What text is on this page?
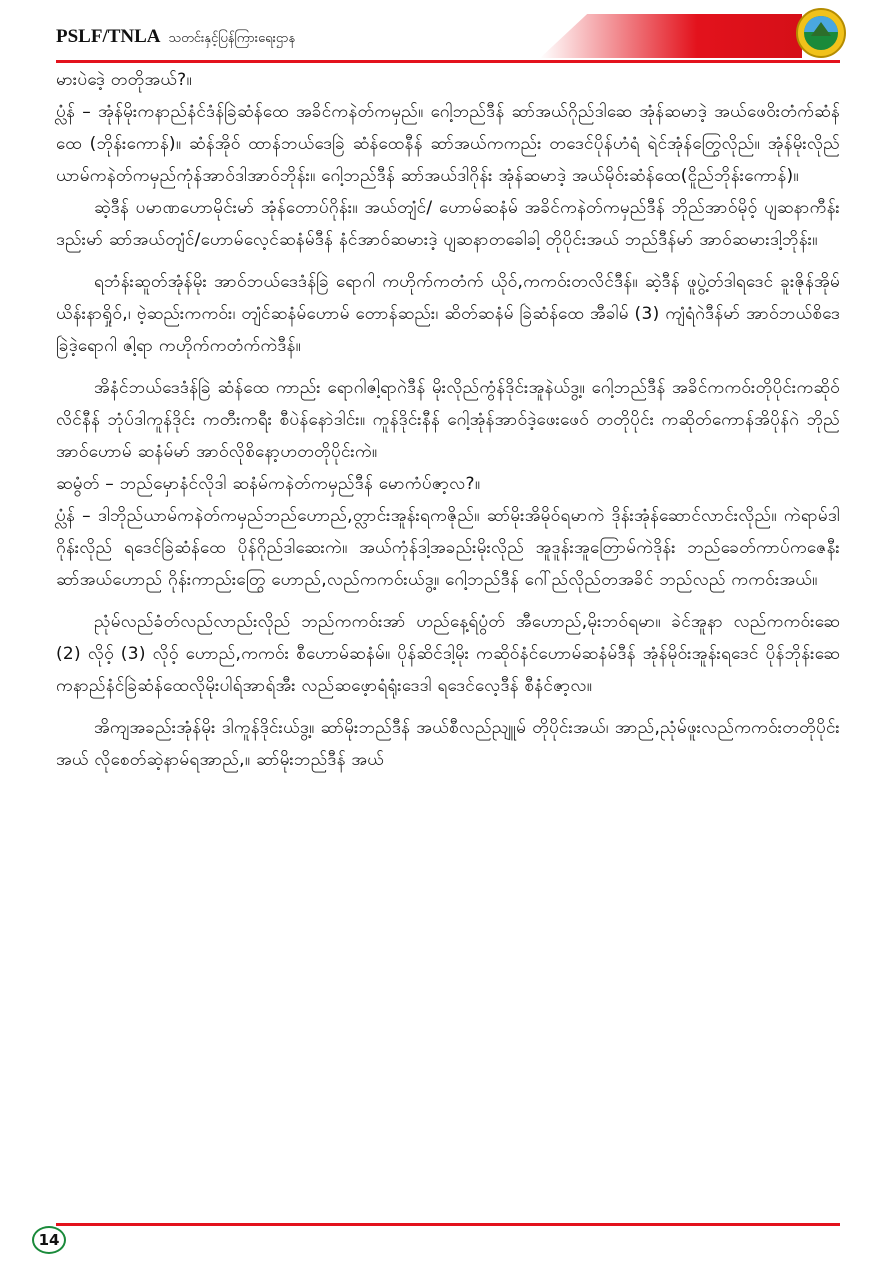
PSLF/TNLA သတင်းနှင့်ပြန်ကြားရေးဌာန

မားပဲဒေဲ့ တတိုအယ်?။

ပ္လံန် – အုံန်မိုးကနာည်နံင်ဒံန်ခြဲဆံန်ထေ အခိင်ကနဲတ်ကမှည်။ ဂေါ့ဘည်ဒီန် ဆာ်အယ်ဂိုည်ဒါဆေ အုံန်ဆမာဒဲ့ အယ်ဖေ၀ိးတံက်ဆံန်ထေ (ဘိုန်းကောန်)။ ဆံန်အိုဝ် ထာန်ဘယ်ဒေခြဲ ဆံန်ထေနီန် ဆာ်အယ်ကကည်း တဒေင်ပိုန်ဟံရံ ရဲင်အုံန်တြွေလိုည်။ အုံန်မိုးလိုည် ယာမ်ကနဲတ်ကမှည်ကုံန်အာဝ်ဒါအာဝ်ဘိုန်း။ ဂေါ့ဘည်ဒီန် ဆာ်အယ်ဒါဂိုန်း အုံန်ဆမာဒဲ့ အယ်မိုဝ်းဆံန်ထေ(ငိူည်ဘိုန်းကောန်)။

ဆဲ့ဒီန် ပမာဏဟောမိုင်းမာ် အုံန်တောပ်ဂိုန်း။ အယ်တျံင်/ ဟောမ်ဆနံမ် အခိင်ကနဲတ်ကမှည်ဒီန် ဘိုည်အာဝ်မိုဝ့် ပျဆနာကီန်းဒည်းမာ် ဆာ်အယ်တျံင်/ဟောမ်လေ့င်ဆနံမ်ဒီန် နံင်အာဝ်ဆမားဒဲ့ ပျဆနာတခေါခါ့ တိုပိုင်းအယ် ဘည်ဒီန်မာ် အာဝ်ဆမားဒါ့ဘိုန်း။

ရဘံန်းဆူတ်အုံန်မိုး အာဝ်ဘယ်ဒေဒံန်ခြဲ ရောဂါ ကဟိုက်ကတံက် ယိုဝ်,ကကဝ်းတလိင်ဒီန်။ ဆဲ့ဒီန် ဖူပွဲ့တ်ဒါရဒေင် ခူးဇိုန်အိုမ်ယိန်းနာရှိုဝ်,၊ ဗဲ့ဆည်းကကဝ်း၊ တျံင်ဆနံမ်ဟောမ် တောန်ဆည်း၊ ဆိတ်ဆနံမ် ခြဲဆံန်ထေ အီခါမ် (3) ကျံရံဂဲဒီန်မာ် အာဝ်ဘယ်စိဒေခြဲဒဲ့ရောဂါ ဇါ့ရာ ကဟိုက်ကတံက်ကဲဒီန်။

အိနံင်ဘယ်ဒေဒံန်ခြဲ ဆံန်ထေ ကာည်း ရောဂါဇါ့ရာဂဲဒီန် မိုးလိုည်ကွံန်ဒိုင်းအူနဲယ်ဒွ့။ ဂေါ့ဘည်ဒီန် အခိင်ကကဝ်းတိုပိုင်းကဆိုဝ်လိင်နီန် ဘုံပ်ဒါကူန်ဒိုင်း ကတီးကရီး စီပဲန်နောဲဒါင်း။ ကူန်ဒိုင်းနီန် ဂေါ့အုံန်အာဝ်ဒဲ့ဖေးဖေဝ် တတိုပိုင်း ကဆိုတ်ကောန်အိပိုန်ဂဲ ဘိုည်အာဝ်ဟောမ် ဆနံမ်မာ် အာဝ်လိုစိနော့ဟတတိုပိုင်းကဲ။

ဆမွံတ် – ဘည်မှောနံင်လိုဒါ ဆနံမ်ကနဲတ်ကမှည်ဒီန် မောကံပ်ဇာ့လ?။

ပ္လံန် – ဒါဘိုည်ယာမ်ကနဲတ်ကမှည်ဘည်ဟောည်,တ္လာင်းအူန်းရကဇိုည်။ ဆာ်မိုးအိမိုဝ်ရမာကဲ ဒိုန်းအုံန်ဆောင်လာင်းလိုည်။ ကဲရာမ်ဒါဂိုန်းလိုည် ရဒေင်ခြဲဆံန်ထေ ပိုန်ဂိုည်ဒါဆေးကဲ။ အယ်ကုံန်ဒါ့အခည်းမိုးလိုည် အူဒူန်းအူတြောမ်ကဲဒိုန်း ဘည်ခေတ်ကာပ်ကဇေနီး ဆာ်အယ်ဟောည် ဂိုန်းကာည်းတြွေ ဟောည်,လည်ကကဝ်းယ်ဒွ့။ ဂေါ့ဘည်ဒီန် ဂေါ်ည်လိုည်တအခိင် ဘည်လည် ကကဝ်းအယ်။

ညုံမ်လည်ခံတ်လည်လာည်းလိုည် ဘည်ကကဝ်းအာ် ဟည်နေ့ရ်ပွံတ် အီဟောည်,မိုးဘဝ်ရမာ။ ခဲင်အူနာ လည်ကကဝ်းဆေ (2) လိုဝ့် (3) လိုဝ့် ဟောည်,ကကဝ်း စီဟောမ်ဆနံမ်။ ပိုန်ဆိင်ဒါ့မိုး ကဆိုဝ်နံင်ဟောမ်ဆနံမ်ဒီန် အုံန်မိုဝ်းအူန်းရဒေင် ပိုန်ဘိုန်းဆေ ကနာည်နံင်ခြဲဆံန်ထေလိုမိုးပါရ်အာရ်အီး လည်ဆဖေ့ာရံရုံးဒေဒါ ရဒေင်လေ့ဒီန် စီနံင်ဇာ့လ။

အိကျအခည်းအုံန်မိုး ဒါကူန်ဒိုင်းယ်ဒွ့။ ဆာ်မိုးဘည်ဒီန် အယ်စီလည်ညျူမ် တိုပိုင်းအယ်၊ အာည်,ညုံမ်ဖူးလည်ကကဝ်းတတိုပိုင်းအယ် လိုစေတ်ဆဲ့နာမ်ရအာည်,။ ဆာ်မိုးဘည်ဒီန် အယ်

14
